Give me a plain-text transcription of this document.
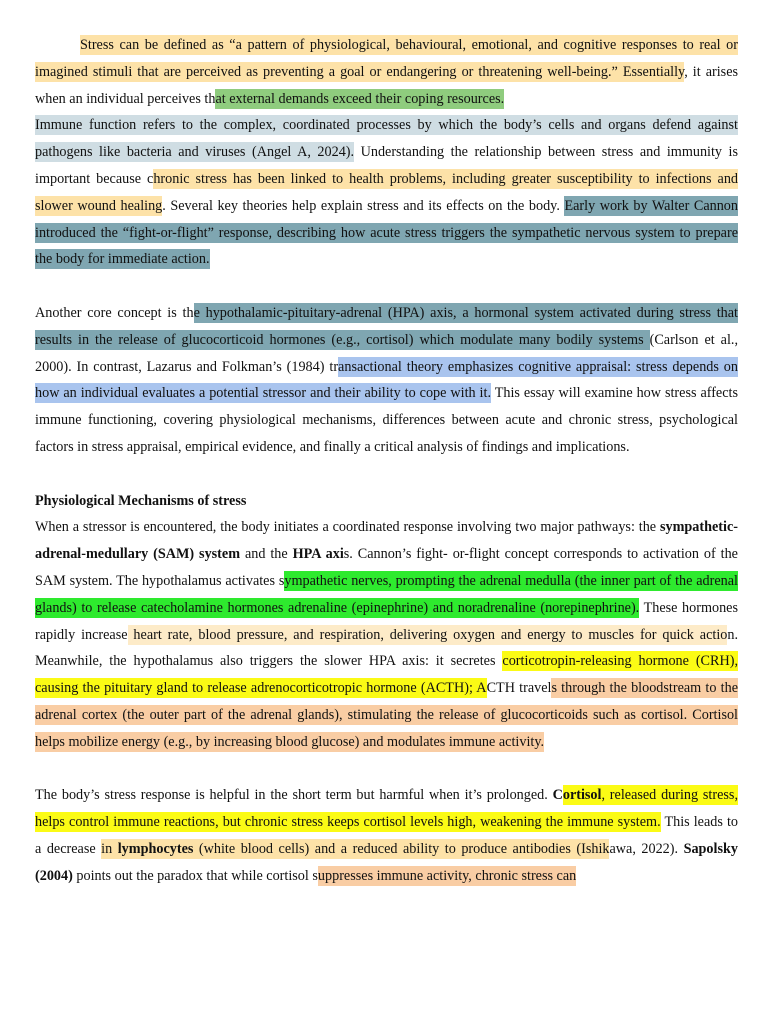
Stress can be defined as “a pattern of physiological, behavioural, emotional, and cognitive responses to real or imagined stimuli that are perceived as preventing a goal or endangering or threatening well-being.” Essentially, it arises when an individual perceives that external demands exceed their coping resources.

Immune function refers to the complex, coordinated processes by which the body’s cells and organs defend against pathogens like bacteria and viruses (Angel A, 2024). Understanding the relationship between stress and immunity is important because chronic stress has been linked to health problems, including greater susceptibility to infections and slower wound healing. Several key theories help explain stress and its effects on the body. Early work by Walter Cannon introduced the “fight-or-flight” response, describing how acute stress triggers the sympathetic nervous system to prepare the body for immediate action.

Another core concept is the hypothalamic-pituitary-adrenal (HPA) axis, a hormonal system activated during stress that results in the release of glucocorticoid hormones (e.g., cortisol) which modulate many bodily systems (Carlson et al., 2000). In contrast, Lazarus and Folkman’s (1984) transactional theory emphasizes cognitive appraisal: stress depends on how an individual evaluates a potential stressor and their ability to cope with it. This essay will examine how stress affects immune functioning, covering physiological mechanisms, differences between acute and chronic stress, psychological factors in stress appraisal, empirical evidence, and finally a critical analysis of findings and implications.

Physiological Mechanisms of stress

When a stressor is encountered, the body initiates a coordinated response involving two major pathways: the sympathetic-adrenal-medullary (SAM) system and the HPA axis. Cannon’s fight- or-flight concept corresponds to activation of the SAM system. The hypothalamus activates sympathetic nerves, prompting the adrenal medulla (the inner part of the adrenal glands) to release catecholamine hormones adrenaline (epinephrine) and noradrenaline (norepinephrine). These hormones rapidly increase heart rate, blood pressure, and respiration, delivering oxygen and energy to muscles for quick action. Meanwhile, the hypothalamus also triggers the slower HPA axis: it secretes corticotropin-releasing hormone (CRH), causing the pituitary gland to release adrenocorticotropic hormone (ACTH); ACTH travels through the bloodstream to the adrenal cortex (the outer part of the adrenal glands), stimulating the release of glucocorticoids such as cortisol. Cortisol helps mobilize energy (e.g., by increasing blood glucose) and modulates immune activity.

The body’s stress response is helpful in the short term but harmful when it’s prolonged. Cortisol, released during stress, helps control immune reactions, but chronic stress keeps cortisol levels high, weakening the immune system. This leads to a decrease in lymphocytes (white blood cells) and a reduced ability to produce antibodies (Ishikawa, 2022). Sapolsky (2004) points out the paradox that while cortisol suppresses immune activity, chronic stress can
